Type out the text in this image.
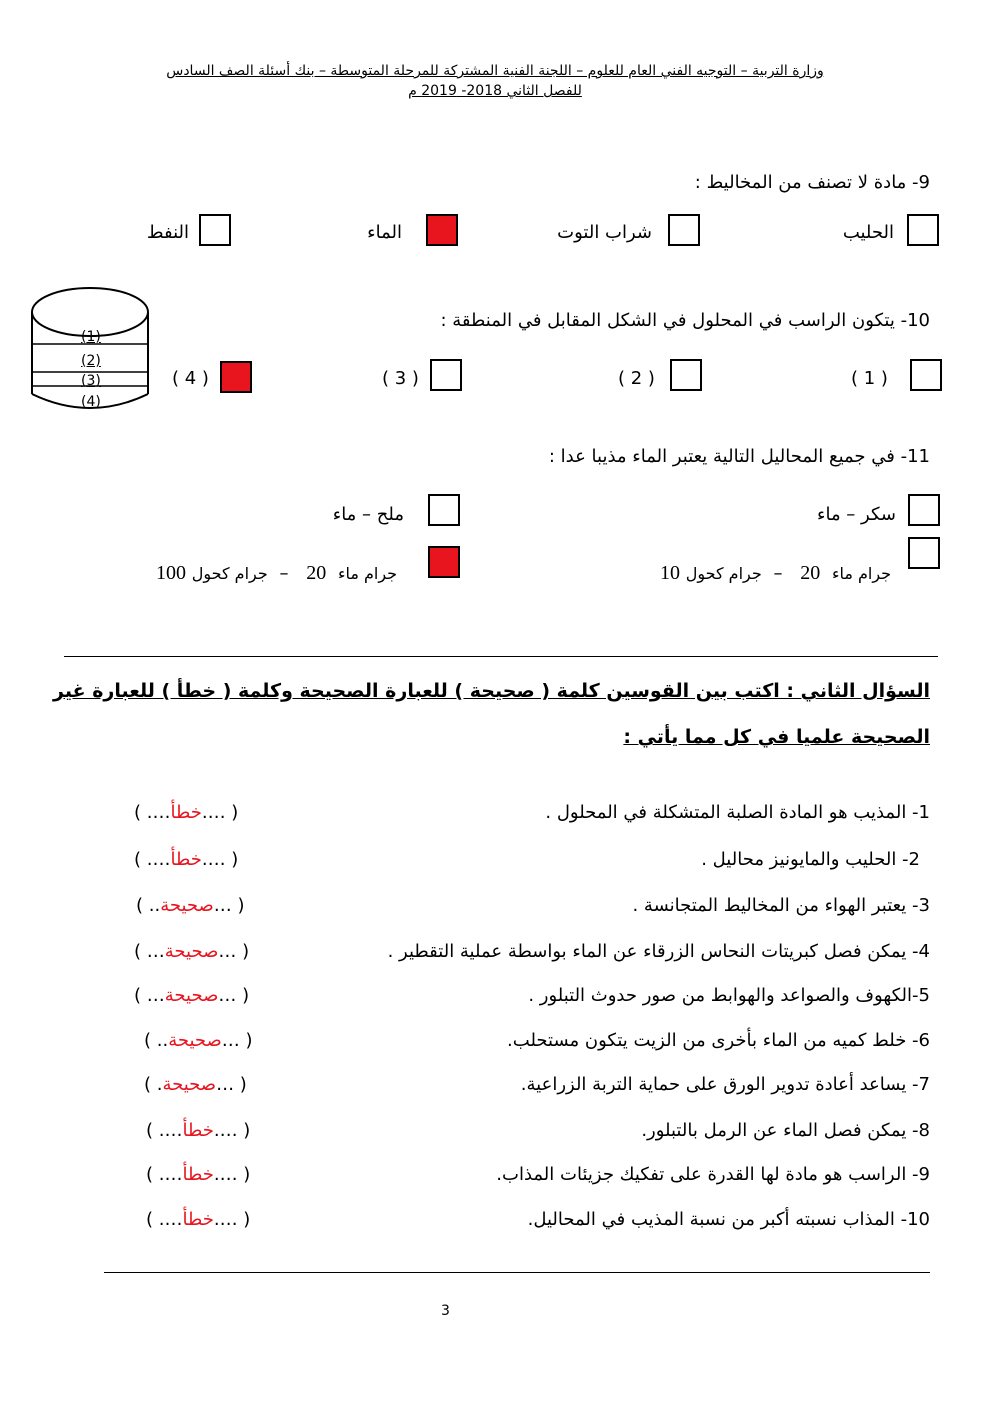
وزارة التربية – التوجيه الفني العام للعلوم – اللجنة الفنية المشتركة للمرحلة المتوسطة – بنك أسئلة الصف السادس
للفصل الثاني 2018- 2019 م
9- مادة لا تصنف من المخاليط :
الحليب
شراب التوت
الماء
النفط
(1)
(2)
(3)
(4)
10- يتكون الراسب في المحلول في الشكل المقابل في المنطقة :
( 1 )
( 2 )
( 3 )
( 4 )
11- في جميع المحاليل التالية يعتبر الماء مذيبا عدا :
سكر – ماء
ملح – ماء
جرام ماء 20 – جرام كحول 10
جرام ماء 20 – جرام كحول 100
السؤال الثاني : اكتب بين القوسين كلمة ( صحيحة ) للعبارة الصحيحة وكلمة ( خطأ ) للعبارة غير
الصحيحة علميا في كل مما يأتي :
1- المذيب هو المادة الصلبة المتشكلة في المحلول .
( ….خطأ…. )
2- الحليب والمايونيز محاليل .
( ….خطأ…. )
3- يعتبر الهواء من المخاليط المتجانسة .
( …صحيحة.. )
4- يمكن فصل كبريتات النحاس الزرقاء عن الماء بواسطة عملية التقطير .
( …صحيحة… )
5-الكهوف والصواعد والهوابط من صور حدوث التبلور .
( …صحيحة… )
6- خلط كميه من الماء بأخرى من الزيت يتكون مستحلب.
( …صحيحة.. )
7- يساعد أعادة تدوير الورق على حماية التربة الزراعية.
( …صحيحة. )
8- يمكن فصل الماء عن الرمل بالتبلور.
( ….خطأ…. )
9- الراسب هو مادة لها القدرة على تفكيك جزيئات المذاب.
( ….خطأ…. )
10- المذاب نسبته أكبر من نسبة المذيب في المحاليل.
( ….خطأ…. )
3
